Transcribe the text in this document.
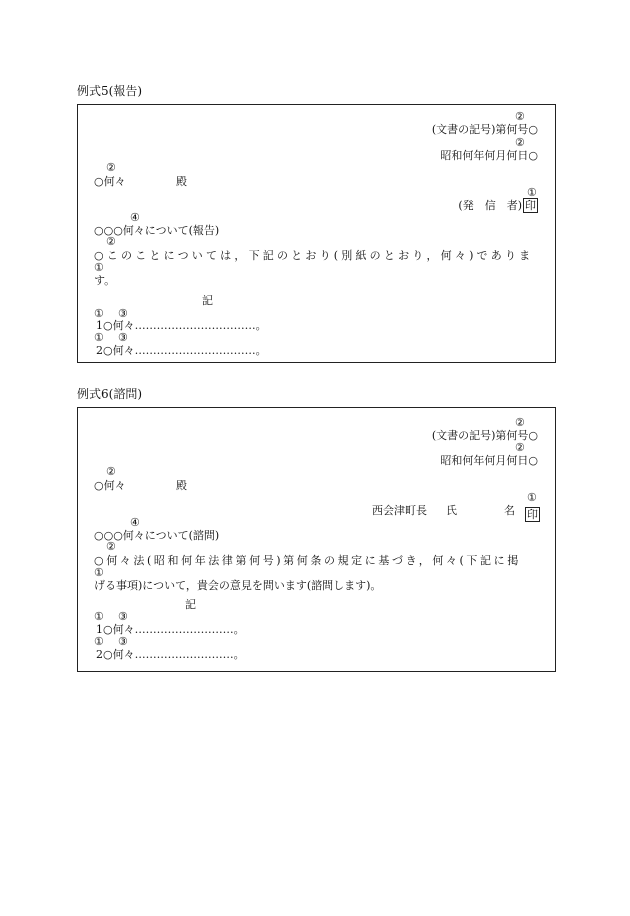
例式5(報告)
②
(文書の記号)第何号○
②
昭和何年何月何日○
②
○何々	殿
①
(発　信　者) 印
④
○○○何々について(報告)
②
○このことについては，下記のとおり(別紙のとおり，何々)でありま
①
す。
記
① ③
1○何々……………………………。
① ③
2○何々……………………………。
例式6(諮問)
②
(文書の記号)第何号○
②
昭和何年何月何日○
②
○何々	殿
①
西会津町長 氏	名 印
④
○○○何々について(諮問)
②
○何々法(昭和何年法律第何号)第何条の規定に基づき，何々(下記に掲
①
げる事項)について，貴会の意見を問います(諮問します)。
記
① ③
1○何々………………………。
① ③
2○何々………………………。
